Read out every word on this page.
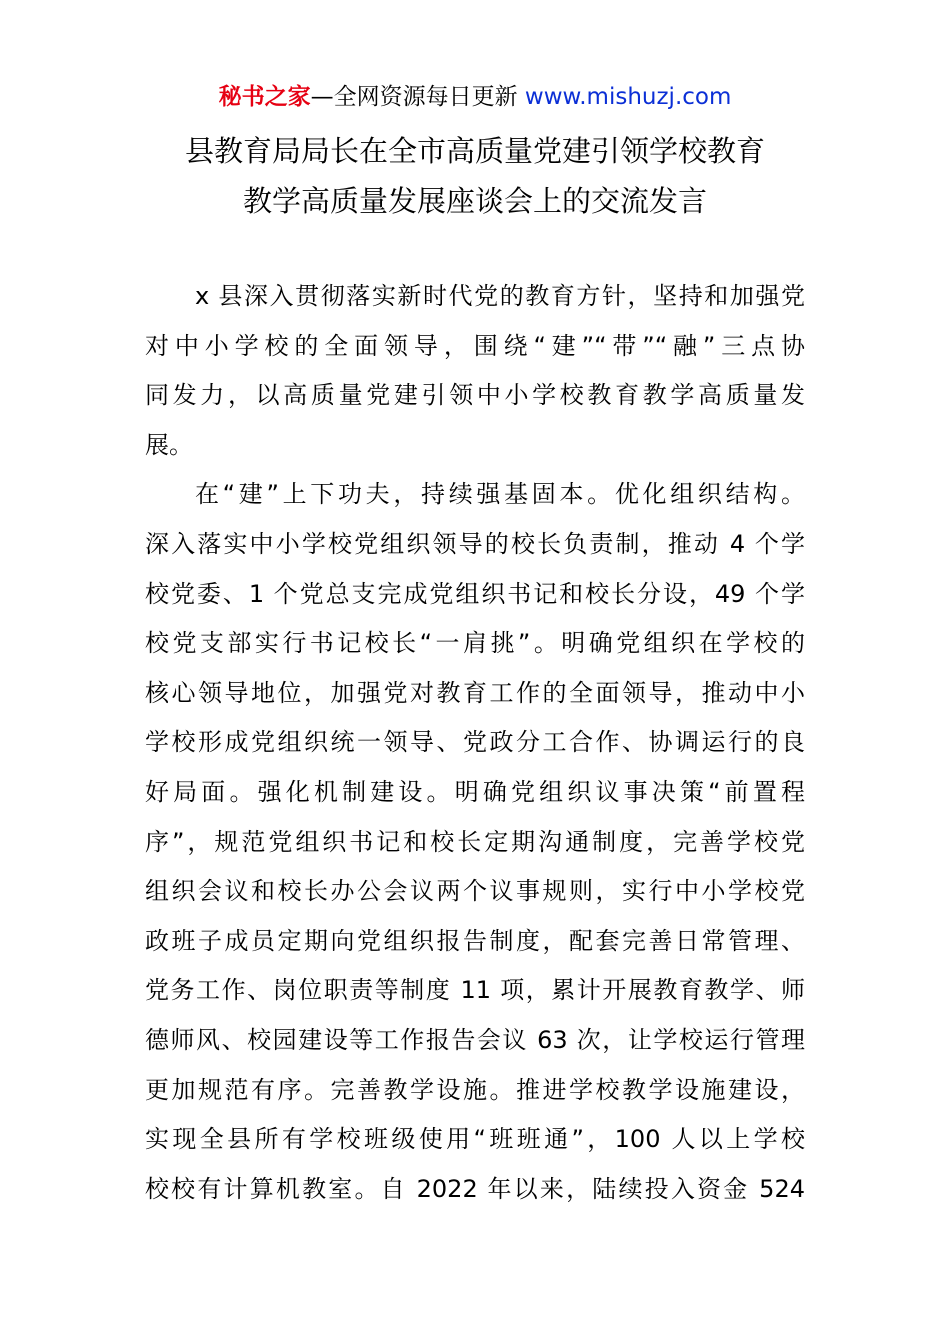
秘书之家—全网资源每日更新 www.mishuzj.com
县教育局局长在全市高质量党建引领学校教育
教学高质量发展座谈会上的交流发言
x 县深入贯彻落实新时代党的教育方针，坚持和加强党
对中小学校的全面领导，围绕“建”“带”“融”三点协
同发力，以高质量党建引领中小学校教育教学高质量发
展。
在“建”上下功夫，持续强基固本。优化组织结构。
深入落实中小学校党组织领导的校长负责制，推动 4 个学
校党委、1 个党总支完成党组织书记和校长分设，49 个学
校党支部实行书记校长“一肩挑”。明确党组织在学校的
核心领导地位，加强党对教育工作的全面领导，推动中小
学校形成党组织统一领导、党政分工合作、协调运行的良
好局面。强化机制建设。明确党组织议事决策“前置程
序”，规范党组织书记和校长定期沟通制度，完善学校党
组织会议和校长办公会议两个议事规则，实行中小学校党
政班子成员定期向党组织报告制度，配套完善日常管理、
党务工作、岗位职责等制度 11 项，累计开展教育教学、师
德师风、校园建设等工作报告会议 63 次，让学校运行管理
更加规范有序。完善教学设施。推进学校教学设施建设，
实现全县所有学校班级使用“班班通”，100 人以上学校
校校有计算机教室。自 2022 年以来，陆续投入资金 524
